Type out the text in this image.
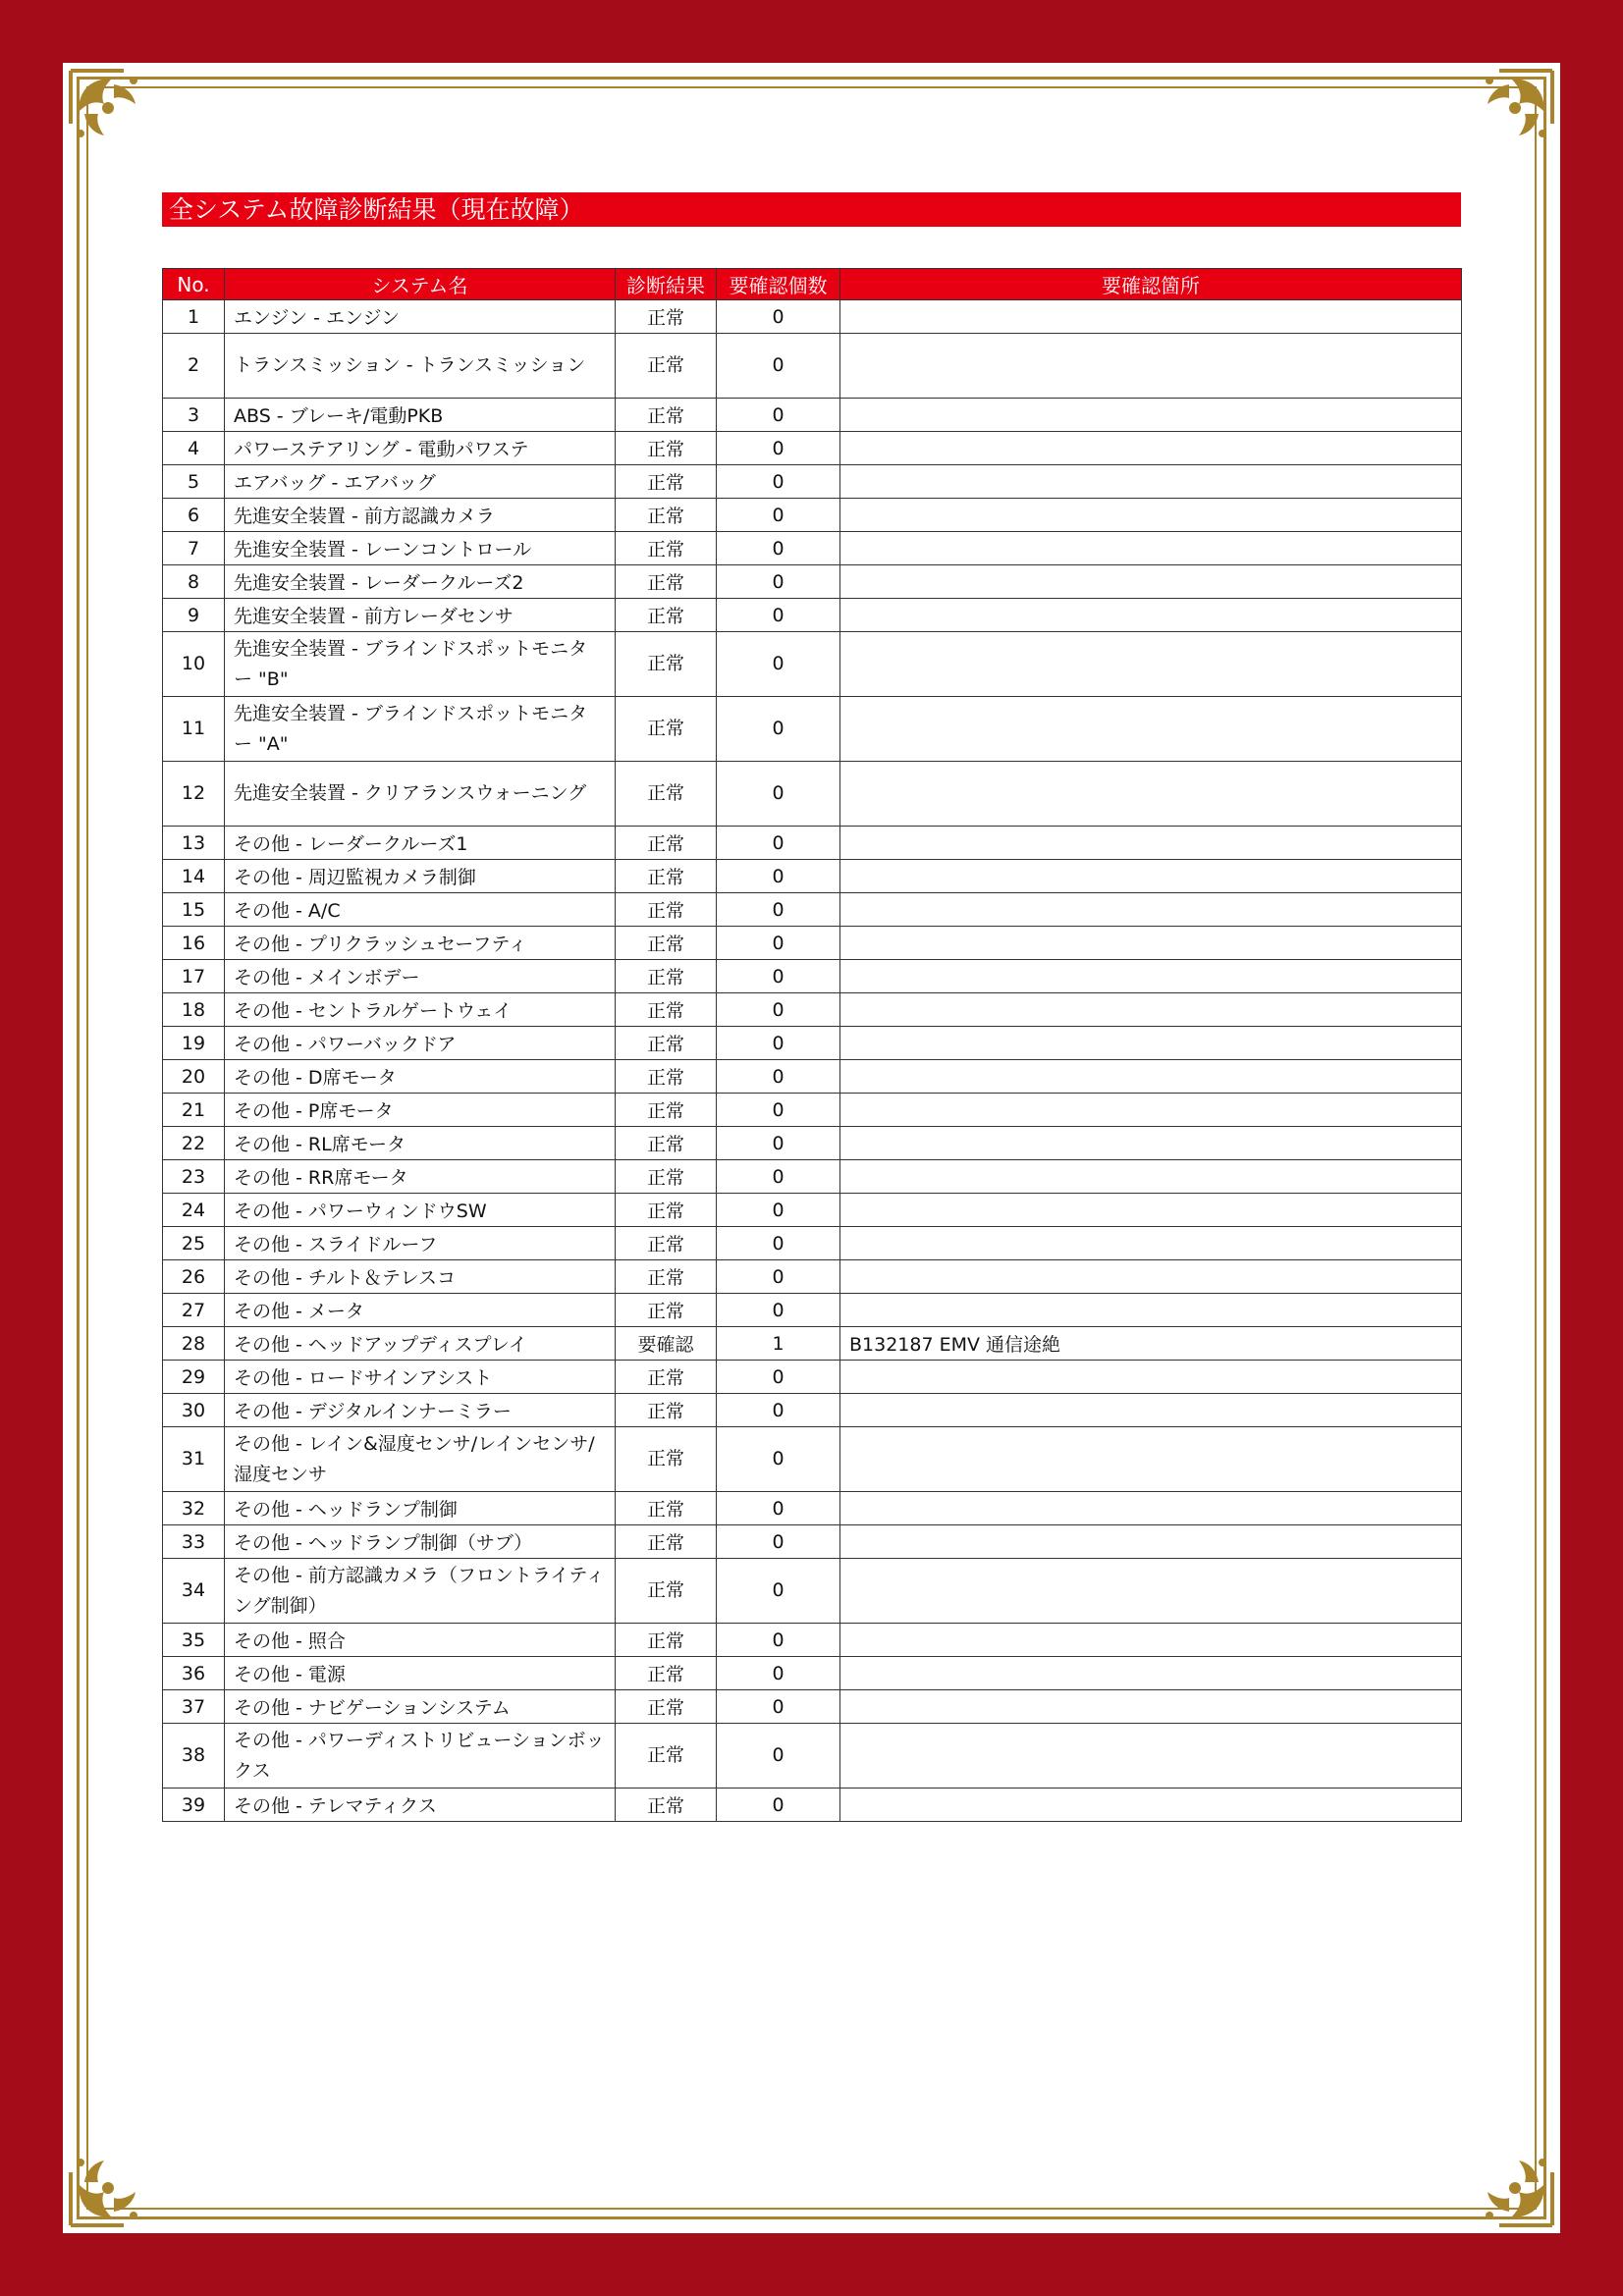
全システム故障診断結果（現在故障）
No.	システム名	診断結果	要確認個数	要確認箇所
1	エンジン - エンジン	正常	0	
2	トランスミッション - トランスミッション	正常	0	
3	ABS - ブレーキ/電動PKB	正常	0	
4	パワーステアリング - 電動パワステ	正常	0	
5	エアバッグ - エアバッグ	正常	0	
6	先進安全装置 - 前方認識カメラ	正常	0	
7	先進安全装置 - レーンコントロール	正常	0	
8	先進安全装置 - レーダークルーズ2	正常	0	
9	先進安全装置 - 前方レーダセンサ	正常	0	
10	先進安全装置 - ブラインドスポットモニター "B"	正常	0	
11	先進安全装置 - ブラインドスポットモニター "A"	正常	0	
12	先進安全装置 - クリアランスウォーニング	正常	0	
13	その他 - レーダークルーズ1	正常	0	
14	その他 - 周辺監視カメラ制御	正常	0	
15	その他 - A/C	正常	0	
16	その他 - プリクラッシュセーフティ	正常	0	
17	その他 - メインボデー	正常	0	
18	その他 - セントラルゲートウェイ	正常	0	
19	その他 - パワーバックドア	正常	0	
20	その他 - D席モータ	正常	0	
21	その他 - P席モータ	正常	0	
22	その他 - RL席モータ	正常	0	
23	その他 - RR席モータ	正常	0	
24	その他 - パワーウィンドウSW	正常	0	
25	その他 - スライドルーフ	正常	0	
26	その他 - チルト＆テレスコ	正常	0	
27	その他 - メータ	正常	0	
28	その他 - ヘッドアップディスプレイ	要確認	1	B132187 EMV 通信途絶
29	その他 - ロードサインアシスト	正常	0	
30	その他 - デジタルインナーミラー	正常	0	
31	その他 - レイン&湿度センサ/レインセンサ/湿度センサ	正常	0	
32	その他 - ヘッドランプ制御	正常	0	
33	その他 - ヘッドランプ制御（サブ）	正常	0	
34	その他 - 前方認識カメラ（フロントライティング制御）	正常	0	
35	その他 - 照合	正常	0	
36	その他 - 電源	正常	0	
37	その他 - ナビゲーションシステム	正常	0	
38	その他 - パワーディストリビューションボックス	正常	0	
39	その他 - テレマティクス	正常	0	
